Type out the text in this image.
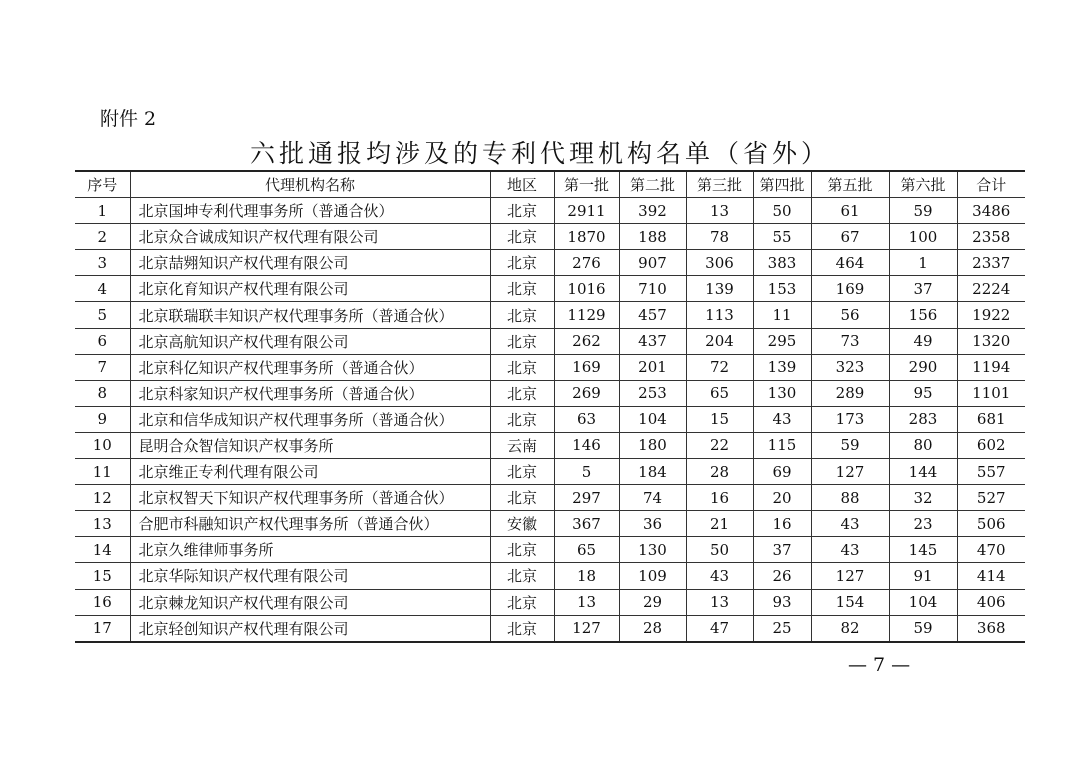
附件 2
六批通报均涉及的专利代理机构名单（省外）
序号	代理机构名称	地区	第一批	第二批	第三批	第四批	第五批	第六批	合计
1	北京国坤专利代理事务所（普通合伙）	北京	2911	392	13	50	61	59	3486
2	北京众合诚成知识产权代理有限公司	北京	1870	188	78	55	67	100	2358
3	北京喆翙知识产权代理有限公司	北京	276	907	306	383	464	1	2337
4	北京化育知识产权代理有限公司	北京	1016	710	139	153	169	37	2224
5	北京联瑞联丰知识产权代理事务所（普通合伙）	北京	1129	457	113	11	56	156	1922
6	北京高航知识产权代理有限公司	北京	262	437	204	295	73	49	1320
7	北京科亿知识产权代理事务所（普通合伙）	北京	169	201	72	139	323	290	1194
8	北京科家知识产权代理事务所（普通合伙）	北京	269	253	65	130	289	95	1101
9	北京和信华成知识产权代理事务所（普通合伙）	北京	63	104	15	43	173	283	681
10	昆明合众智信知识产权事务所	云南	146	180	22	115	59	80	602
11	北京维正专利代理有限公司	北京	5	184	28	69	127	144	557
12	北京权智天下知识产权代理事务所（普通合伙）	北京	297	74	16	20	88	32	527
13	合肥市科融知识产权代理事务所（普通合伙）	安徽	367	36	21	16	43	23	506
14	北京久维律师事务所	北京	65	130	50	37	43	145	470
15	北京华际知识产权代理有限公司	北京	18	109	43	26	127	91	414
16	北京棘龙知识产权代理有限公司	北京	13	29	13	93	154	104	406
17	北京轻创知识产权代理有限公司	北京	127	28	47	25	82	59	368
— 7 —
